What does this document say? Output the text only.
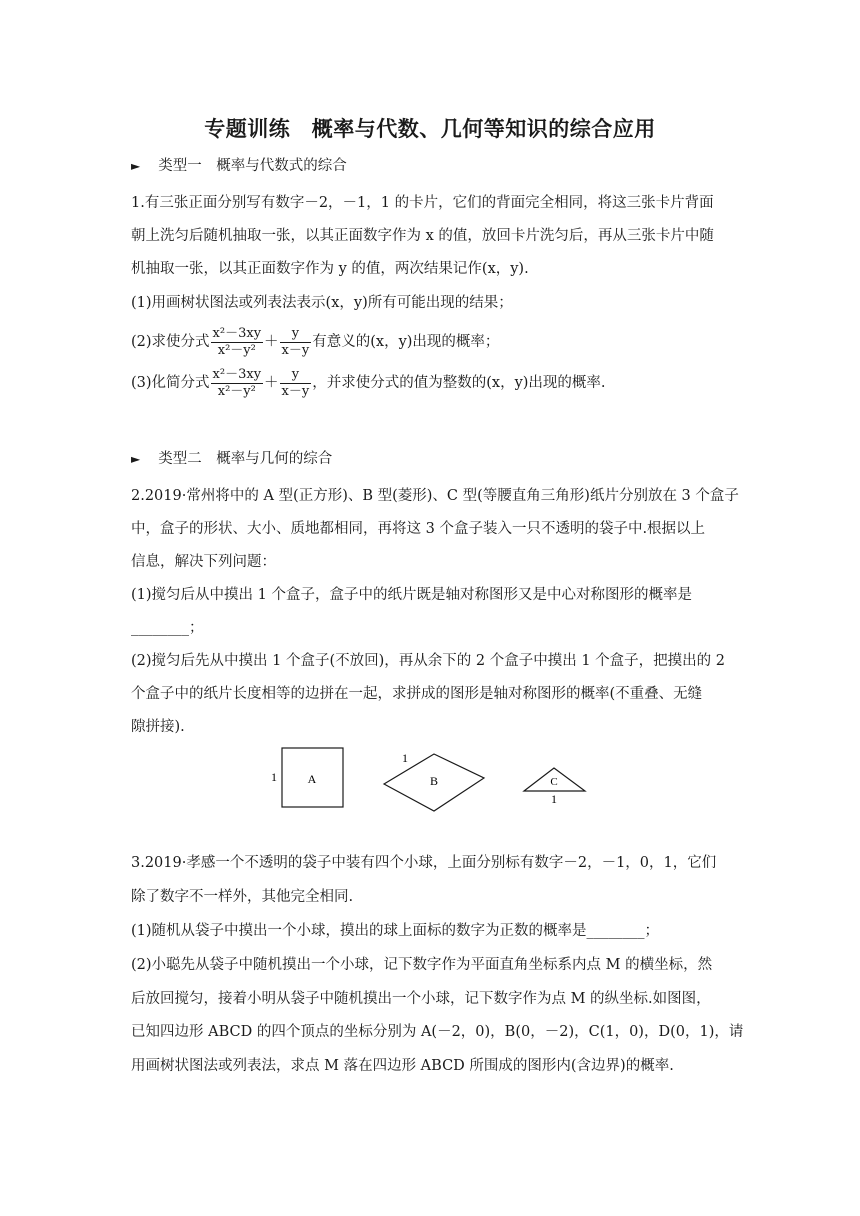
专题训练　概率与代数、几何等知识的综合应用
► 类型一　概率与代数式的综合
1.有三张正面分别写有数字－2，－1，1 的卡片，它们的背面完全相同，将这三张卡片背面
朝上洗匀后随机抽取一张，以其正面数字作为 x 的值，放回卡片洗匀后，再从三张卡片中随
机抽取一张，以其正面数字作为 y 的值，两次结果记作(x，y).
(1)用画树状图法或列表法表示(x，y)所有可能出现的结果；
(2)求使分式 $\frac{\text{x²－3xy}}{\text{x²－y²}} + \frac{y}{x-y}$ 有意义的(x，y)出现的概率；
(3)化简分式 $\frac{\text{x²－3xy}}{\text{x²－y²}} + \frac{y}{x-y}$ ，并求使分式的值为整数的(x，y)出现的概率.
► 类型二　概率与几何的综合
2.2019·常州将中的 A 型(正方形)、B 型(菱形)、C 型(等腰直角三角形)纸片分别放在 3 个盒子
中，盒子的形状、大小、质地都相同，再将这 3 个盒子装入一只不透明的袋子中.根据以上
信息，解决下列问题：
(1)搅匀后从中摸出 1 个盒子，盒子中的纸片既是轴对称图形又是中心对称图形的概率是
________；
(2)搅匀后先从中摸出 1 个盒子(不放回)，再从余下的 2 个盒子中摸出 1 个盒子，把摸出的 2
个盒子中的纸片长度相等的边拼在一起，求拼成的图形是轴对称图形的概率(不重叠、无缝
隙拼接).
A
1	B
1
C
1
3.2019·孝感一个不透明的袋子中装有四个小球，上面分别标有数字－2，－1，0，1，它们
除了数字不一样外，其他完全相同.
(1)随机从袋子中摸出一个小球，摸出的球上面标的数字为正数的概率是________；
(2)小聪先从袋子中随机摸出一个小球，记下数字作为平面直角坐标系内点 M 的横坐标，然
后放回搅匀，接着小明从袋子中随机摸出一个小球，记下数字作为点 M 的纵坐标.如图图，
已知四边形 ABCD 的四个顶点的坐标分别为 A(－2，0)，B(0，－2)，C(1，0)，D(0，1)，请
用画树状图法或列表法，求点 M 落在四边形 ABCD 所围成的图形内(含边界)的概率.
